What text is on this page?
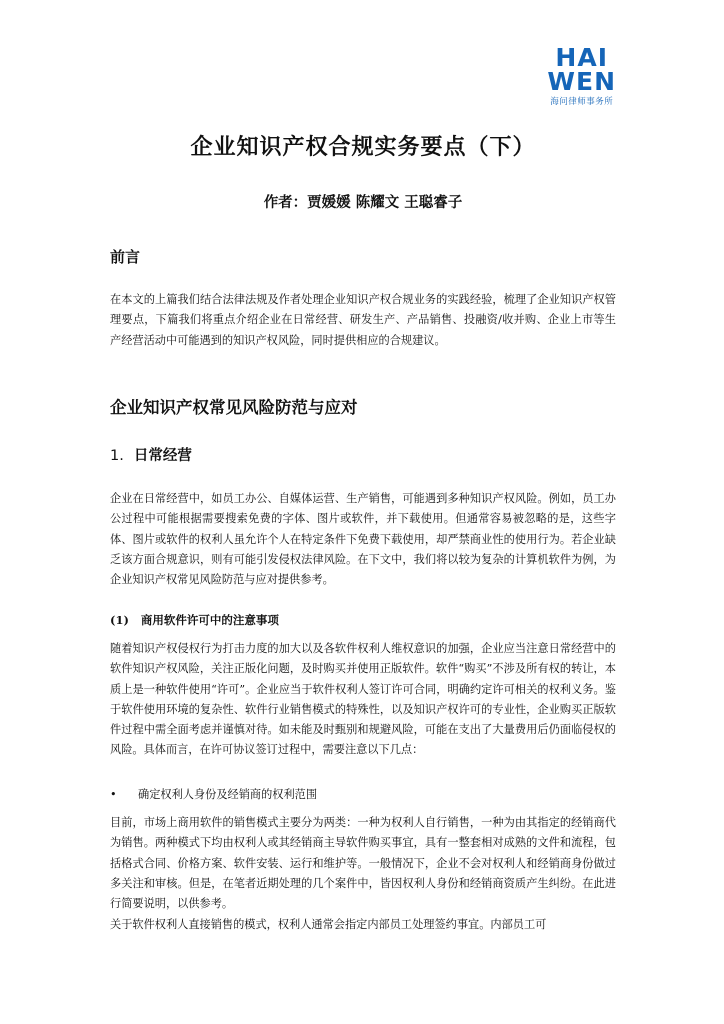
HAI
WEN
海问律师事务所
企业知识产权合规实务要点（下）
作者：贾媛媛 陈耀文 王聪睿子
前言
在本文的上篇我们结合法律法规及作者处理企业知识产权合规业务的实践经验，梳理了企业知识产权管理要点，下篇我们将重点介绍企业在日常经营、研发生产、产品销售、投融资/收并购、企业上市等生产经营活动中可能遇到的知识产权风险，同时提供相应的合规建议。
企业知识产权常见风险防范与应对
1. 日常经营
企业在日常经营中，如员工办公、自媒体运营、生产销售，可能遇到多种知识产权风险。例如，员工办公过程中可能根据需要搜索免费的字体、图片或软件，并下载使用。但通常容易被忽略的是，这些字体、图片或软件的权利人虽允许个人在特定条件下免费下载使用，却严禁商业性的使用行为。若企业缺乏该方面合规意识，则有可能引发侵权法律风险。在下文中，我们将以较为复杂的计算机软件为例，为企业知识产权常见风险防范与应对提供参考。
(1) 商用软件许可中的注意事项
随着知识产权侵权行为打击力度的加大以及各软件权利人维权意识的加强，企业应当注意日常经营中的软件知识产权风险，关注正版化问题，及时购买并使用正版软件。软件“购买”不涉及所有权的转让，本质上是一种软件使用“许可”。企业应当于软件权利人签订许可合同，明确约定许可相关的权利义务。鉴于软件使用环境的复杂性、软件行业销售模式的特殊性，以及知识产权许可的专业性，企业购买正版软件过程中需全面考虑并谨慎对待。如未能及时甄别和规避风险，可能在支出了大量费用后仍面临侵权的风险。具体而言，在许可协议签订过程中，需要注意以下几点：
• 确定权利人身份及经销商的权利范围
目前，市场上商用软件的销售模式主要分为两类：一种为权利人自行销售，一种为由其指定的经销商代为销售。两种模式下均由权利人或其经销商主导软件购买事宜，具有一整套相对成熟的文件和流程，包括格式合同、价格方案、软件安装、运行和维护等。一般情况下，企业不会对权利人和经销商身份做过多关注和审核。但是，在笔者近期处理的几个案件中，皆因权利人身份和经销商资质产生纠纷。在此进行简要说明，以供参考。
关于软件权利人直接销售的模式，权利人通常会指定内部员工处理签约事宜。内部员工可
